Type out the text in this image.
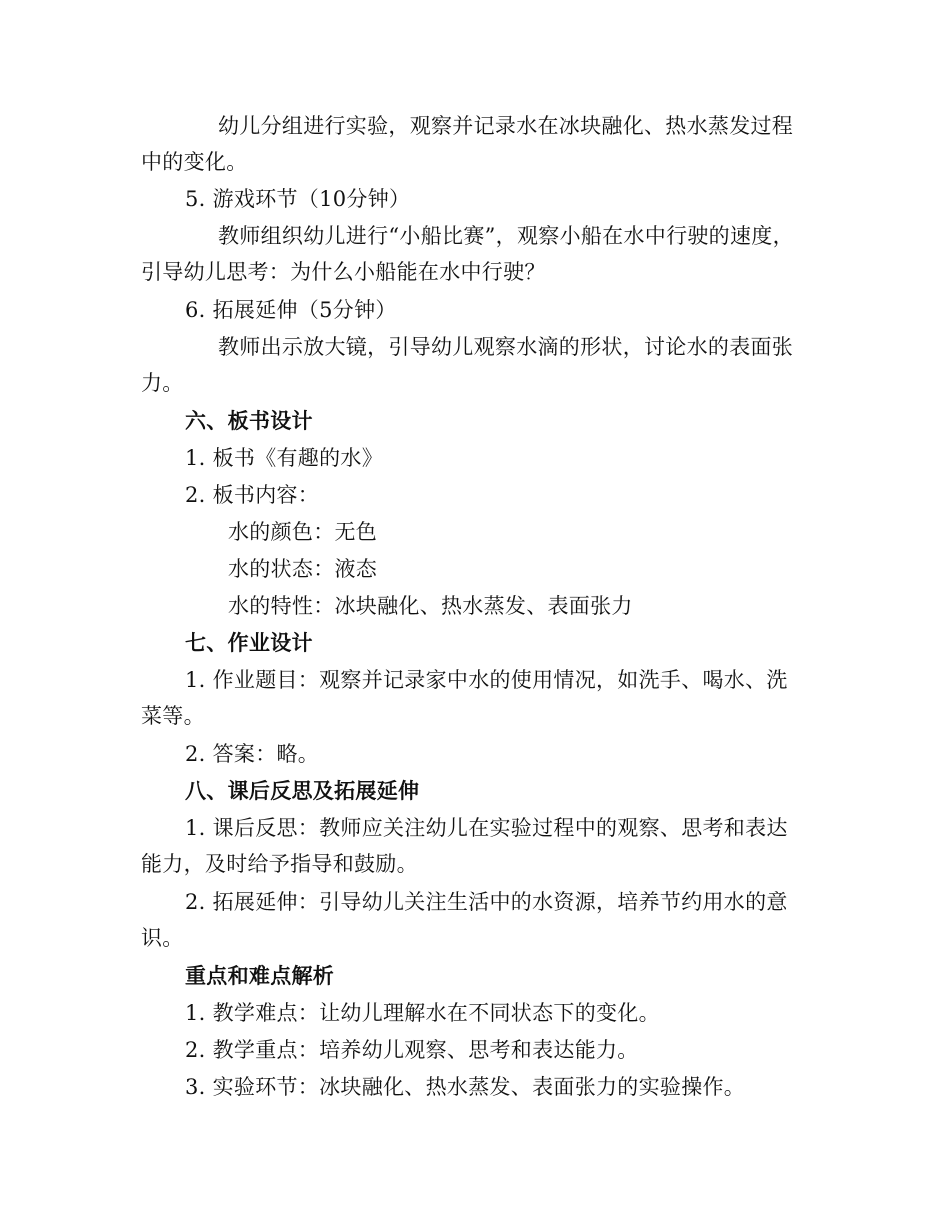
幼儿分组进行实验，观察并记录水在冰块融化、热水蒸发过程
中的变化。
5. 游戏环节（10分钟）
教师组织幼儿进行“小船比赛”，观察小船在水中行驶的速度，
引导幼儿思考：为什么小船能在水中行驶？
6. 拓展延伸（5分钟）
教师出示放大镜，引导幼儿观察水滴的形状，讨论水的表面张
力。
六、板书设计
1. 板书《有趣的水》
2. 板书内容：
水的颜色：无色
水的状态：液态
水的特性：冰块融化、热水蒸发、表面张力
七、作业设计
1. 作业题目：观察并记录家中水的使用情况，如洗手、喝水、洗
菜等。
2. 答案：略。
八、课后反思及拓展延伸
1. 课后反思：教师应关注幼儿在实验过程中的观察、思考和表达
能力，及时给予指导和鼓励。
2. 拓展延伸：引导幼儿关注生活中的水资源，培养节约用水的意
识。
重点和难点解析
1. 教学难点：让幼儿理解水在不同状态下的变化。
2. 教学重点：培养幼儿观察、思考和表达能力。
3. 实验环节：冰块融化、热水蒸发、表面张力的实验操作。
